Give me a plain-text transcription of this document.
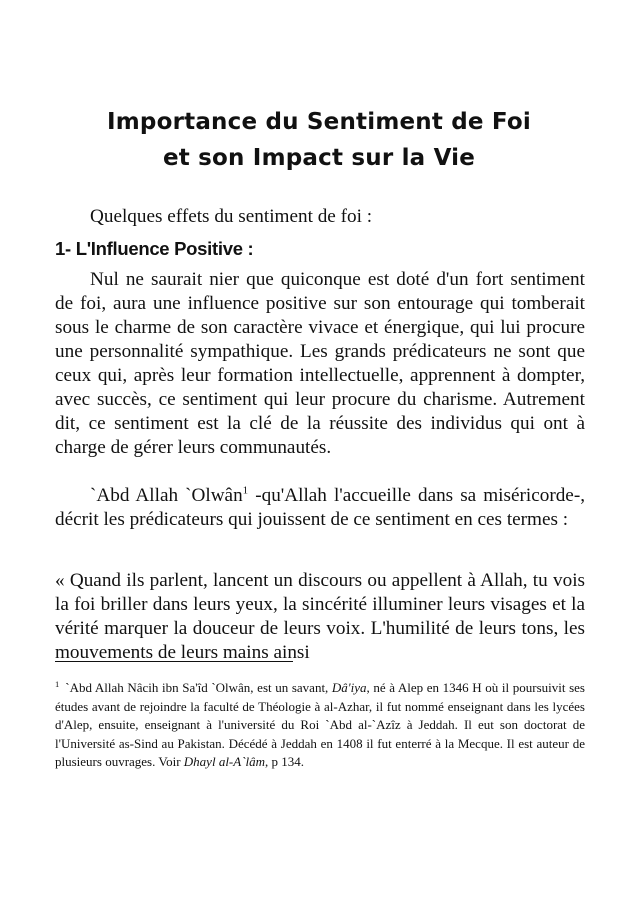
Importance du Sentiment de Foi
et son Impact sur la Vie

Quelques effets du sentiment de foi :

1- L'Influence Positive :

Nul ne saurait nier que quiconque est doté d'un fort sentiment de foi, aura une influence positive sur son entourage qui tomberait sous le charme de son caractère vivace et énergique, qui lui procure une personnalité sympathique. Les grands prédicateurs ne sont que ceux qui, après leur formation intellectuelle, apprennent à dompter, avec succès, ce sentiment qui leur procure du charisme. Autrement dit, ce sentiment est la clé de la réussite des individus qui ont à charge de gérer leurs communautés.

`Abd Allah `Olwân$^1$ -qu'Allah l'accueille dans sa miséricorde-, décrit les prédicateurs qui jouissent de ce sentiment en ces termes :

« Quand ils parlent, lancent un discours ou appellent à Allah, tu vois la foi briller dans leurs yeux, la sincérité illuminer leurs visages et la vérité marquer la douceur de leurs voix. L'humilité de leurs tons, les mouvements de leurs mains ainsi

$^1$ `Abd Allah Nâcih ibn Sa'îd `Olwân, est un savant, Dâ'iya, né à Alep en 1346 H où il poursuivit ses études avant de rejoindre la faculté de Théologie à al-Azhar, il fut nommé enseignant dans les lycées d'Alep, ensuite, enseignant à l'université du Roi `Abd al-`Azîz à Jeddah. Il eut son doctorat de l'Université as-Sind au Pakistan. Décédé à Jeddah en 1408 il fut enterré à la Mecque. Il est auteur de plusieurs ouvrages. Voir Dhayl al-A`lâm, p 134.
